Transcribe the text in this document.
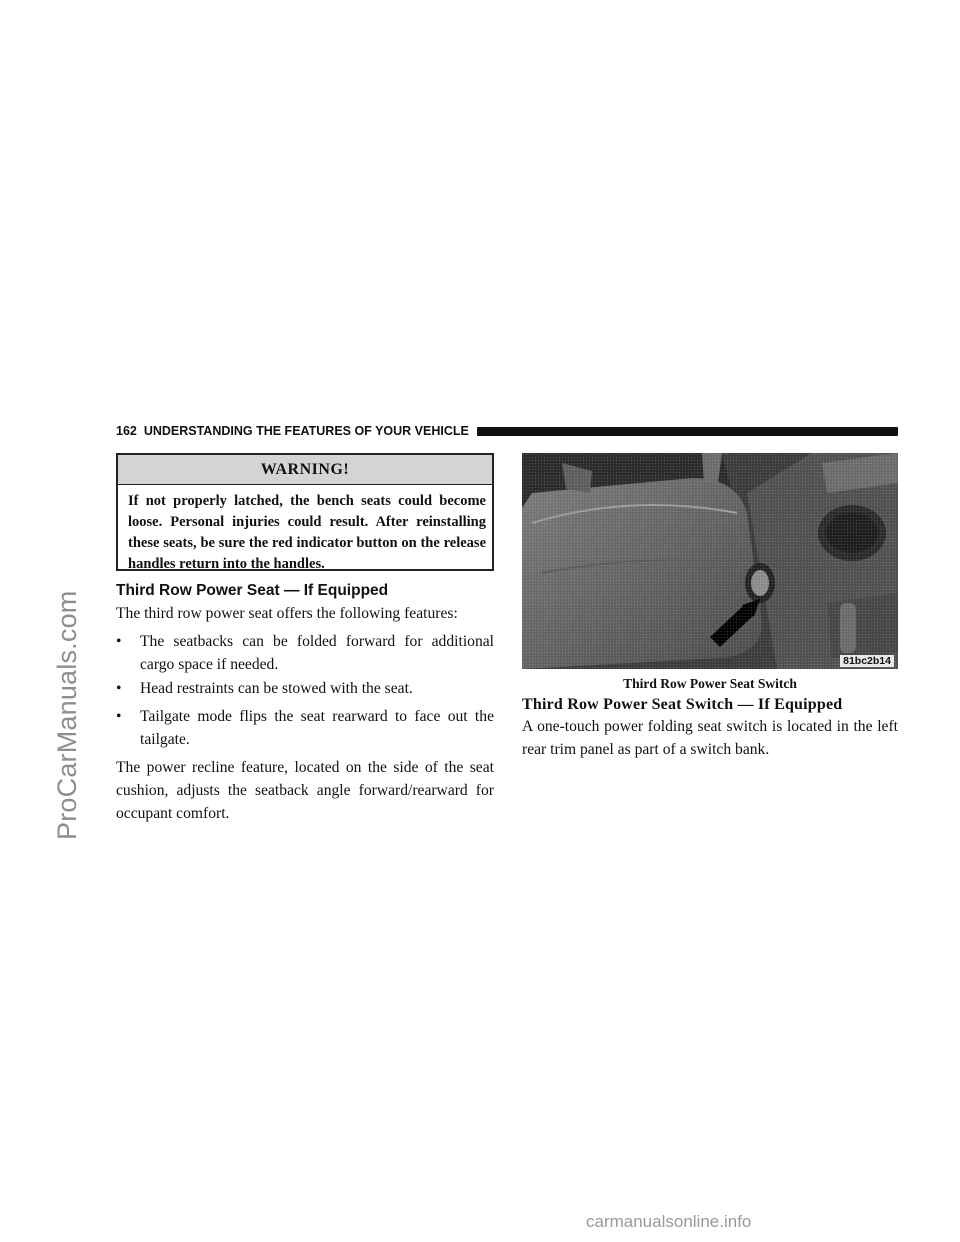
ProCarManuals.com
carmanualsonline.info
162 UNDERSTANDING THE FEATURES OF YOUR VEHICLE
WARNING!
If not properly latched, the bench seats could become loose. Personal injuries could result. After reinstalling these seats, be sure the red indicator button on the release handles return into the handles.
Third Row Power Seat — If Equipped
The third row power seat offers the following features:
•	The seatbacks can be folded forward for additional cargo space if needed.
•	Head restraints can be stowed with the seat.
•	Tailgate mode flips the seat rearward to face out the tailgate.
The power recline feature, located on the side of the seat cushion, adjusts the seatback angle forward/rearward for occupant comfort.
81bc2b14
Third Row Power Seat Switch
Third Row Power Seat Switch — If Equipped
A one-touch power folding seat switch is located in the left rear trim panel as part of a switch bank.
